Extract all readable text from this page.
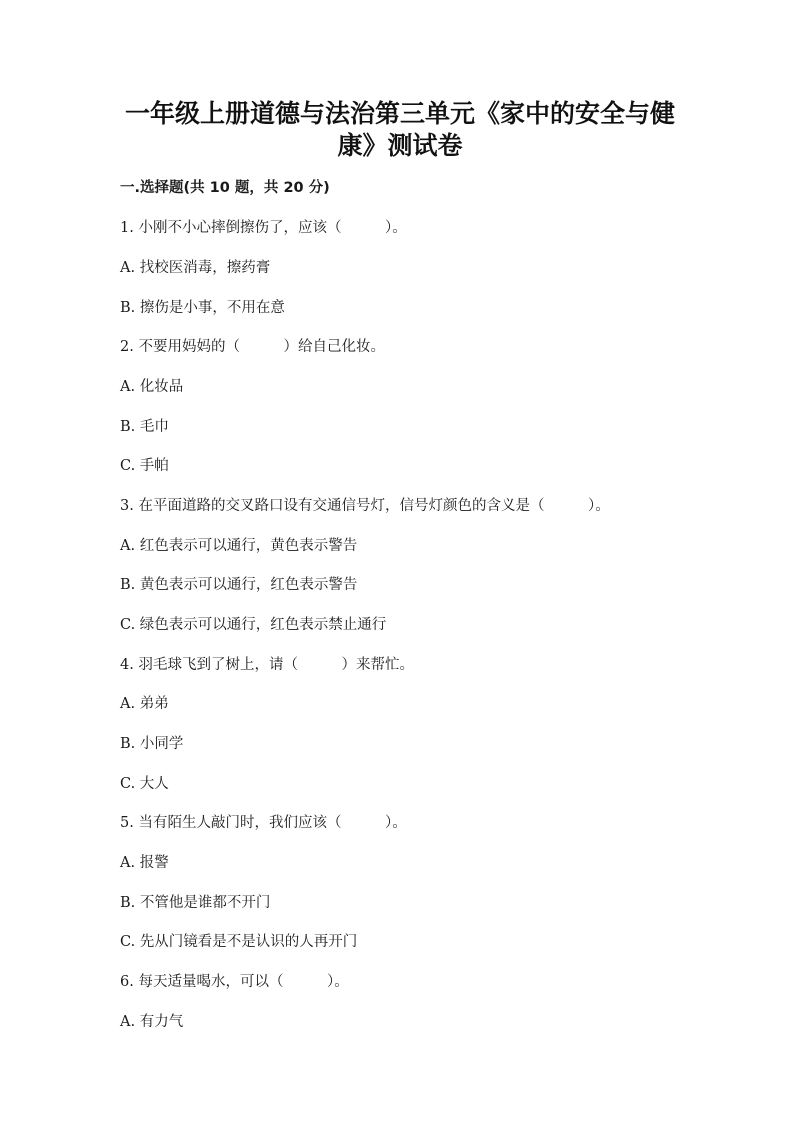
一年级上册道德与法治第三单元《家中的安全与健
康》测试卷
一.选择题(共 10 题，共 20 分)
1. 小刚不小心摔倒擦伤了，应该（　　　）。
A. 找校医消毒，擦药膏
B. 擦伤是小事，不用在意
2. 不要用妈妈的（　　　）给自己化妆。
A. 化妆品
B. 毛巾
C. 手帕
3. 在平面道路的交叉路口设有交通信号灯，信号灯颜色的含义是（　　　）。
A. 红色表示可以通行，黄色表示警告
B. 黄色表示可以通行，红色表示警告
C. 绿色表示可以通行，红色表示禁止通行
4. 羽毛球飞到了树上，请（　　　）来帮忙。
A. 弟弟
B. 小同学
C. 大人
5. 当有陌生人敲门时，我们应该（　　　）。
A. 报警
B. 不管他是谁都不开门
C. 先从门镜看是不是认识的人再开门
6. 每天适量喝水，可以（　　　）。
A. 有力气
